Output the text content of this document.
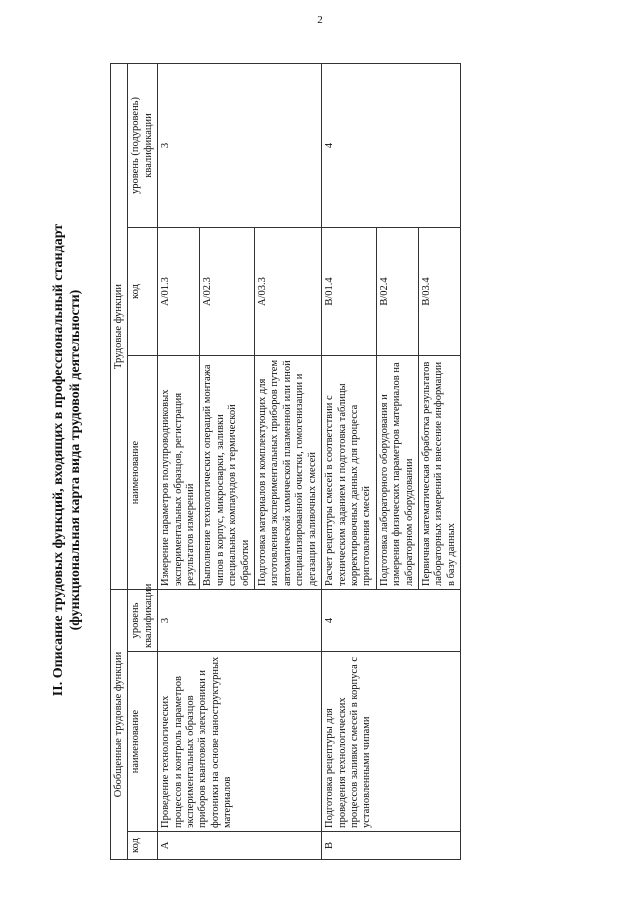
2
II. Описание трудовых функций, входящих в профессиональный стандарт (функциональная карта вида трудовой деятельности)
Обобщенные трудовые функции			Трудовые функции		
код	наименование	уровень квалификации	наименование	код	уровень (подуровень) квалификации
A	Проведение технологических процессов и контроль параметров экспериментальных образцов приборов квантовой электроники и фотоники на основе наноструктурных материалов	3	Измерение параметров полупроводниковых экспериментальных образцов, регистрация результатов измерений	A/01.3	3
			Выполнение технологических операций монтажа чипов в корпус, микросварки, заливки специальных компаундов и термической обработки	A/02.3	
			Подготовка материалов и комплектующих для изготовления экспериментальных приборов путем автоматической химической плазменной или иной специализированной очистки, гомогенизации и дегазации заливочных смесей	A/03.3	
B	Подготовка рецептуры для проведения технологических процессов заливки смесей в корпуса с установленными чипами	4	Расчет рецептуры смесей в соответствии с техническим заданием и подготовка таблицы корректировочных данных для процесса приготовления смесей	B/01.4	4
			Подготовка лабораторного оборудования и измерения физических параметров материалов на лабораторном оборудовании	B/02.4	
			Первичная математическая обработка результатов лабораторных измерений и внесение информации в базу данных	B/03.4	
